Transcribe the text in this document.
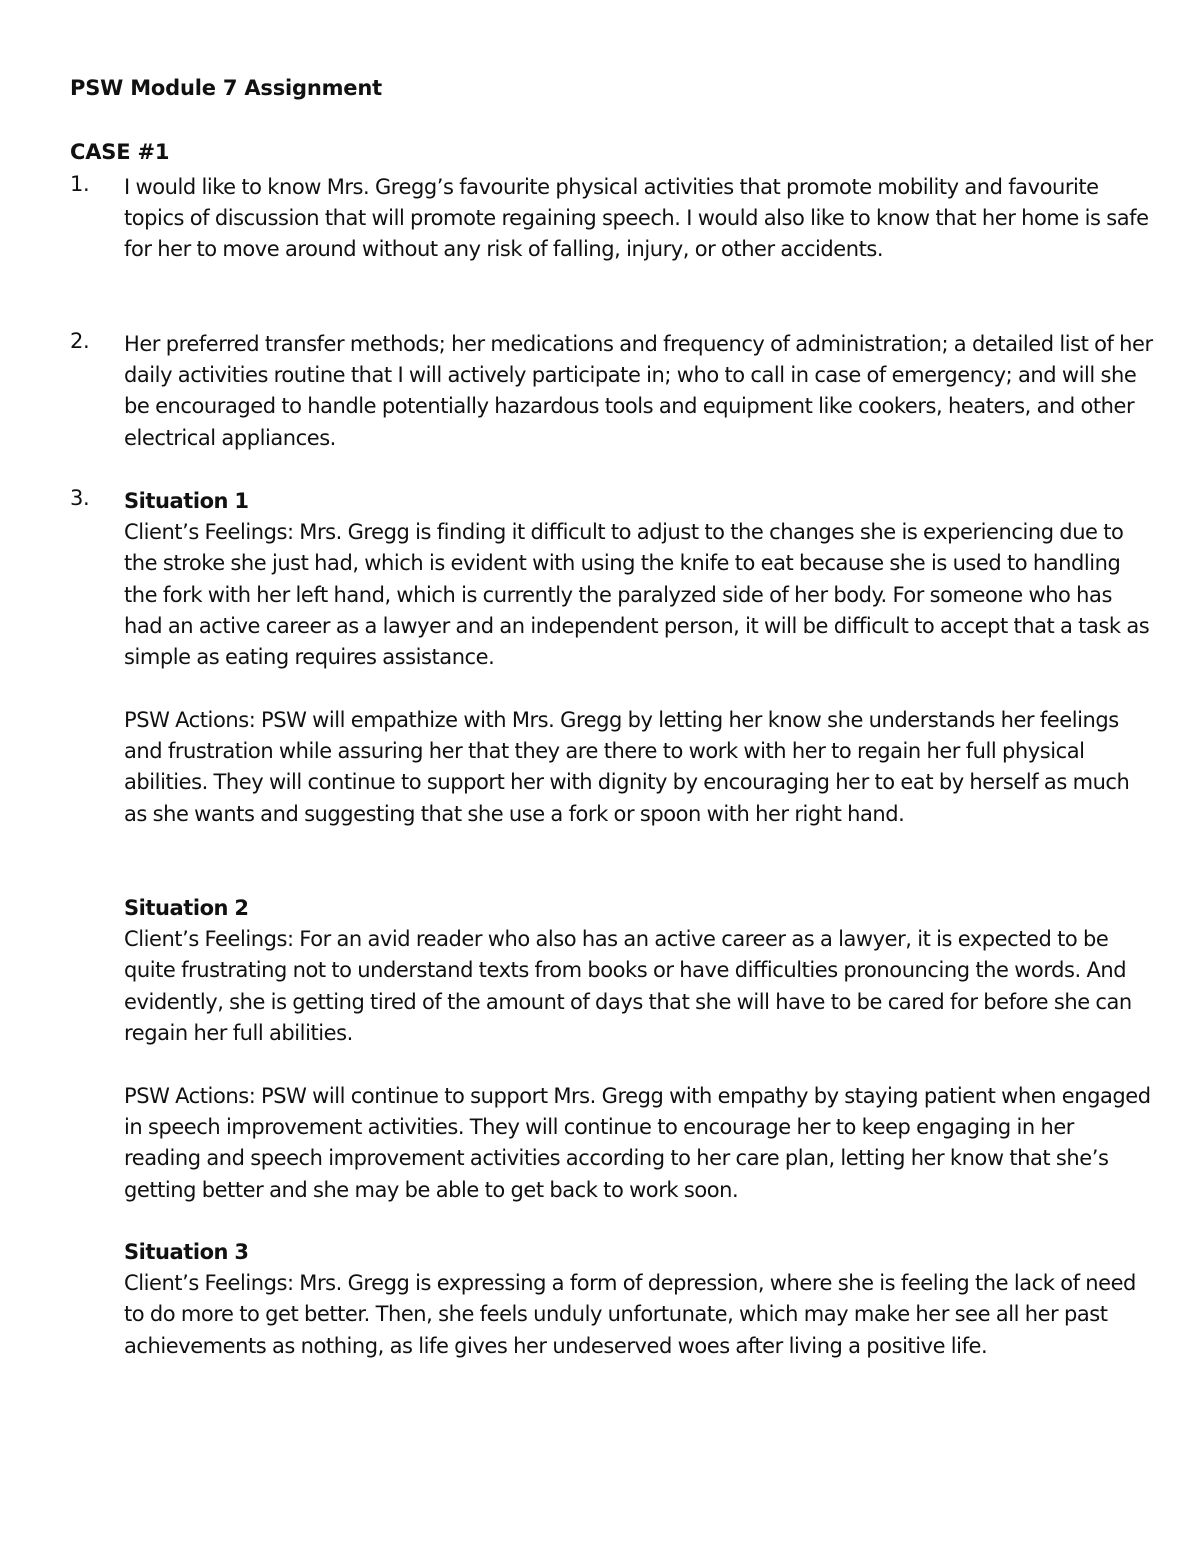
PSW Module 7 Assignment
CASE #1
1. I would like to know Mrs. Gregg’s favourite physical activities that promote mobility and favourite topics of discussion that will promote regaining speech. I would also like to know that her home is safe for her to move around without any risk of falling, injury, or other accidents.

2. Her preferred transfer methods; her medications and frequency of administration; a detailed list of her daily activities routine that I will actively participate in; who to call in case of emergency; and will she be encouraged to handle potentially hazardous tools and equipment like cookers, heaters, and other electrical appliances.

3. Situation 1

Client’s Feelings: Mrs. Gregg is finding it difficult to adjust to the changes she is experiencing due to the stroke she just had, which is evident with using the knife to eat because she is used to handling the fork with her left hand, which is currently the paralyzed side of her body. For someone who has had an active career as a lawyer and an independent person, it will be difficult to accept that a task as simple as eating requires assistance.

PSW Actions: PSW will empathize with Mrs. Gregg by letting her know she understands her feelings and frustration while assuring her that they are there to work with her to regain her full physical abilities. They will continue to support her with dignity by encouraging her to eat by herself as much as she wants and suggesting that she use a fork or spoon with her right hand.

Situation 2

Client’s Feelings: For an avid reader who also has an active career as a lawyer, it is expected to be quite frustrating not to understand texts from books or have difficulties pronouncing the words. And evidently, she is getting tired of the amount of days that she will have to be cared for before she can regain her full abilities.

PSW Actions: PSW will continue to support Mrs. Gregg with empathy by staying patient when engaged in speech improvement activities. They will continue to encourage her to keep engaging in her reading and speech improvement activities according to her care plan, letting her know that she’s getting better and she may be able to get back to work soon.

Situation 3

Client’s Feelings: Mrs. Gregg is expressing a form of depression, where she is feeling the lack of need to do more to get better. Then, she feels unduly unfortunate, which may make her see all her past achievements as nothing, as life gives her undeserved woes after living a positive life.
